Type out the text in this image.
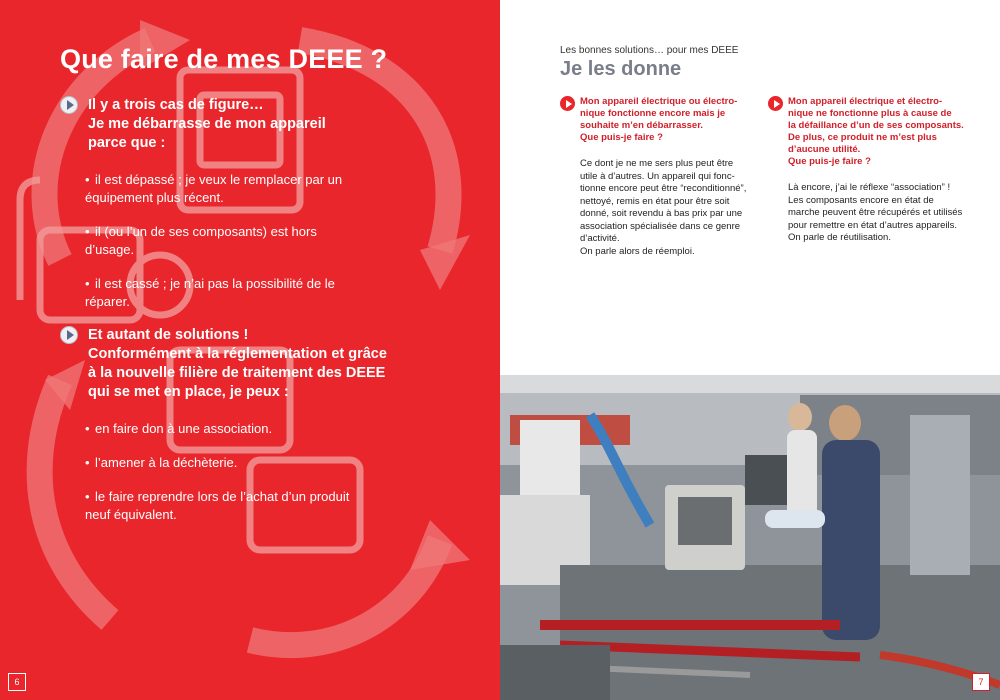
Que faire de mes DEEE ?
Il y a trois cas de figure…
Je me débarrasse de mon appareil
parce que :
• il est dépassé ; je veux le remplacer par un
équipement plus récent.
• il (ou l’un de ses composants) est hors
d’usage.
• il est cassé ; je n’ai pas la possibilité de le
réparer.
Et autant de solutions !
Conformément à la réglementation et grâce
à la nouvelle filière de traitement des DEEE
qui se met en place, je peux :
• en faire don à une association.
• l’amener à la déchèterie.
• le faire reprendre lors de l’achat d’un produit
neuf équivalent.
6
Les bonnes solutions… pour mes DEEE
Je les donne
Mon appareil électrique ou électro-
nique fonctionne encore mais je
souhaite m’en débarrasser.
Que puis-je faire ?

Ce dont je ne me sers plus peut être

utile à d’autres. Un appareil qui fonc-

tionne encore peut être “reconditionné”,

nettoyé, remis en état pour être soit

donné, soit revendu à bas prix par une

association spécialisée dans ce genre

d’activité.

On parle alors de réemploi.

Mon appareil électrique et électro-
nique ne fonctionne plus à cause de
la défaillance d’un de ses composants.
De plus, ce produit ne m’est plus
d’aucune utilité.
Que puis-je faire ?

Là encore, j’ai le réflexe “association” !

Les composants encore en état de

marche peuvent être récupérés et utilisés

pour remettre en état d’autres appareils.

On parle de réutilisation.

7
